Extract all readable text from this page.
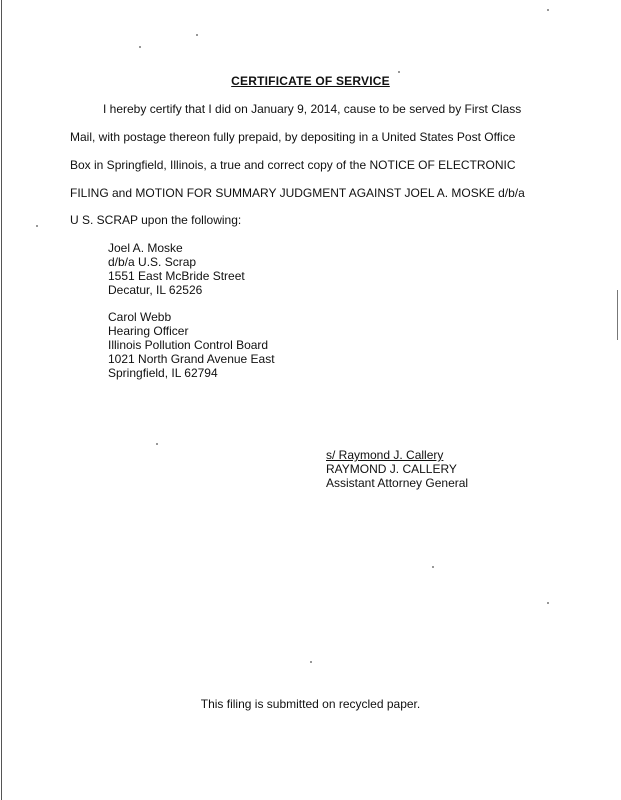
CERTIFICATE OF SERVICE
I hereby certify that I did on January 9, 2014, cause to be served by First Class
Mail, with postage thereon fully prepaid, by depositing in a United States Post Office
Box in Springfield, Illinois, a true and correct copy of the NOTICE OF ELECTRONIC
FILING and MOTION FOR SUMMARY JUDGMENT AGAINST JOEL A. MOSKE d/b/a
U S. SCRAP upon the following:
Joel A. Moske
d/b/a U.S. Scrap
1551 East McBride Street
Decatur, IL 62526
Carol Webb
Hearing Officer
Illinois Pollution Control Board
1021 North Grand Avenue East
Springfield, IL 62794
s/ Raymond J. Callery
RAYMOND J. CALLERY
Assistant Attorney General
This filing is submitted on recycled paper.
